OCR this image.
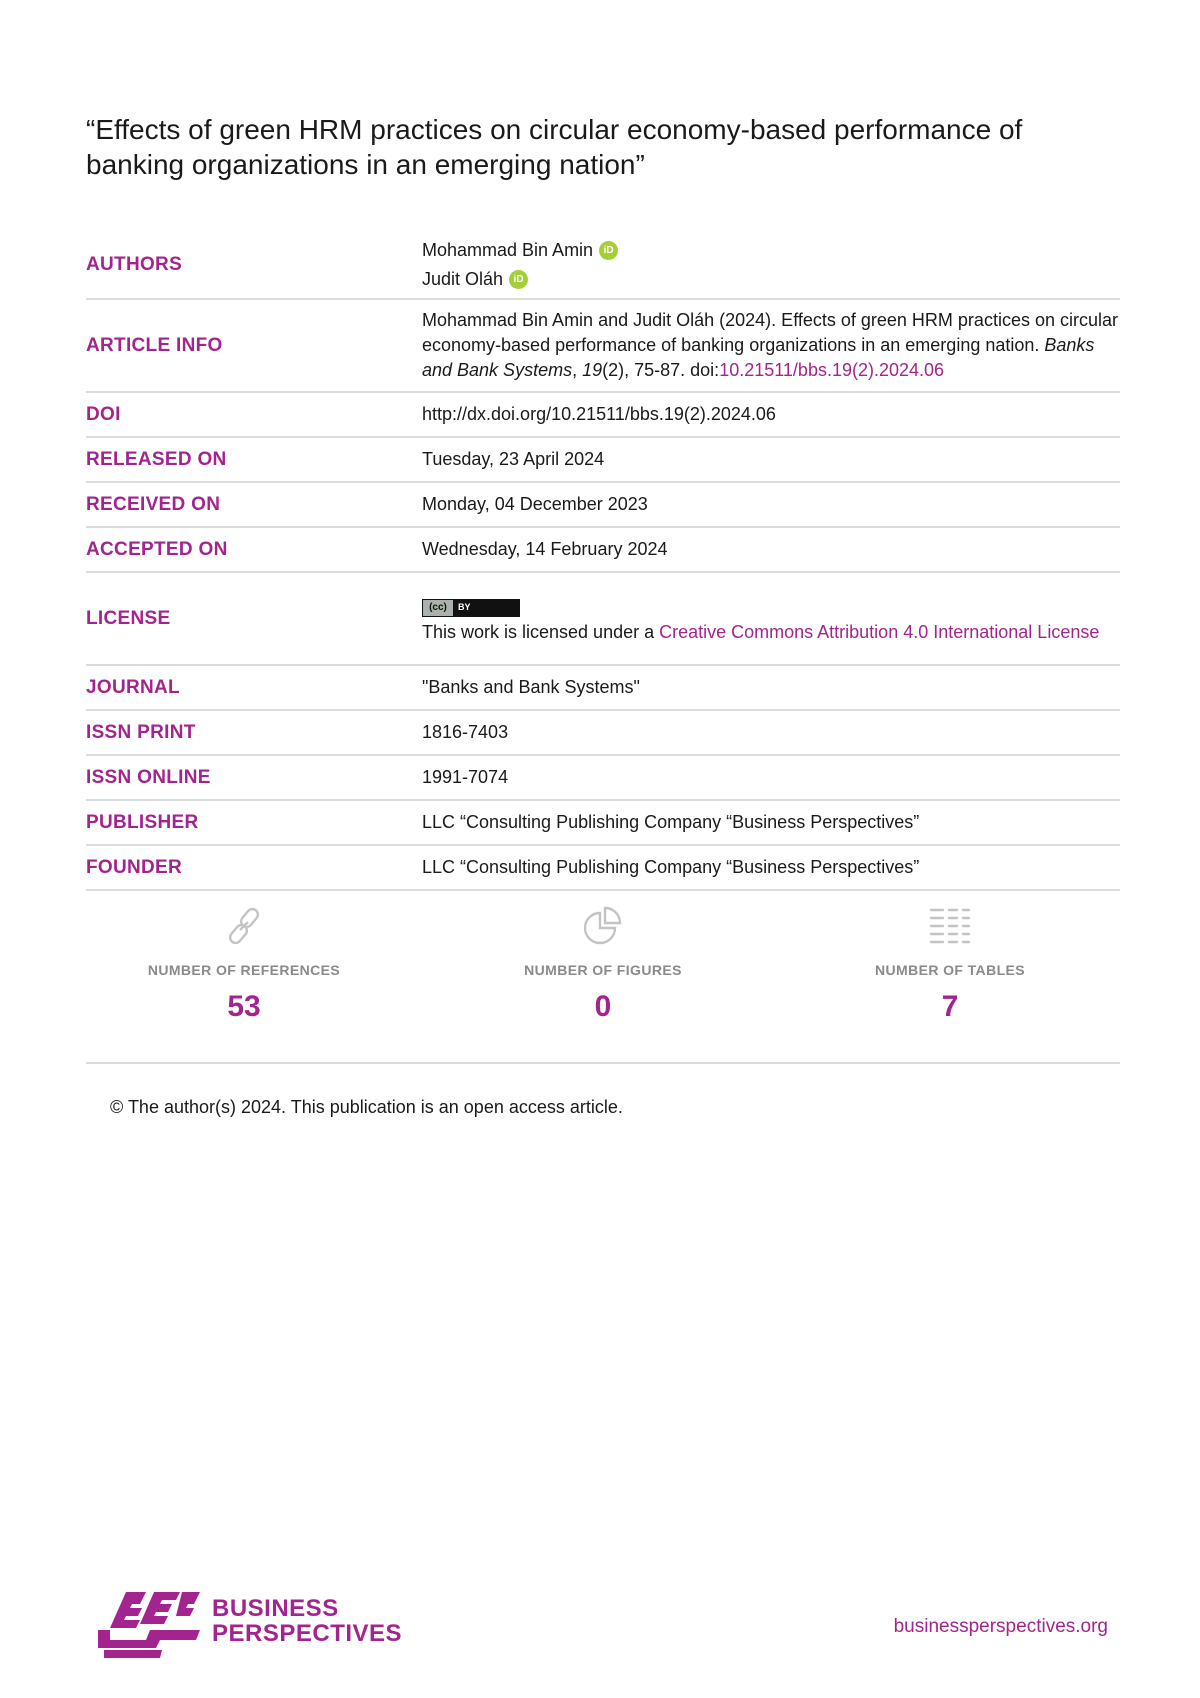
“Effects of green HRM practices on circular economy-based performance of banking organizations in an emerging nation”
AUTHORS
Mohammad Bin Amin	iD
Judit Oláh	iD
ARTICLE INFO
Mohammad Bin Amin and Judit Oláh (2024). Effects of green HRM practices on circular economy-based performance of banking organizations in an emerging nation. Banks and Bank Systems, 19(2), 75-87. doi:10.21511/bbs.19(2).2024.06
DOI	http://dx.doi.org/10.21511/bbs.19(2).2024.06
RELEASED ON	Tuesday, 23 April 2024
RECEIVED ON	Monday, 04 December 2023
ACCEPTED ON	Wednesday, 14 February 2024
LICENSE	(cc)	BY
This work is licensed under a Creative Commons Attribution 4.0 International License
JOURNAL	"Banks and Bank Systems"
ISSN PRINT	1816-7403
ISSN ONLINE	1991-7074
PUBLISHER	LLC “Consulting Publishing Company “Business Perspectives”
FOUNDER	LLC “Consulting Publishing Company “Business Perspectives”
NUMBER OF REFERENCES
53
NUMBER OF FIGURES
0
NUMBER OF TABLES
7
© The author(s) 2024. This publication is an open access article.
BUSINESS
PERSPECTIVES	businessperspectives.org
